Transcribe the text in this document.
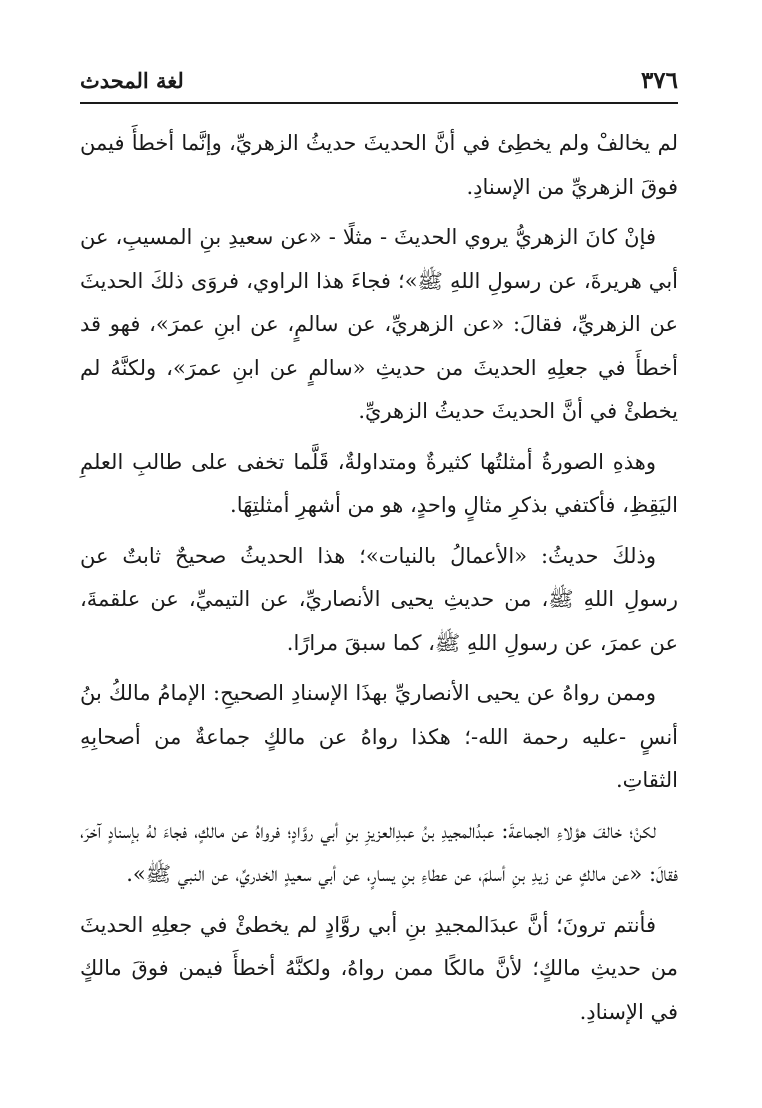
٣٧٦
لغة المحدث

لم يخالفْ ولم يخطِئ في أنَّ الحديثَ حديثُ الزهريِّ، وإنَّما أخطأَ فيمن فوقَ الزهريِّ من الإسنادِ.

فإنْ كانَ الزهريُّ يروي الحديثَ - مثلًا - «عن سعيدِ بنِ المسيبِ، عن أبي هريرةَ، عن رسولِ اللهِ ﷺ»؛ فجاءَ هذا الراوي، فروَى ذلكَ الحديثَ عن الزهريِّ، فقالَ: «عن الزهريِّ، عن سالمٍ، عن ابنِ عمرَ»، فهو قد أخطأَ في جعلِهِ الحديثَ من حديثِ «سالمٍ عن ابنِ عمرَ»، ولكنَّهُ لم يخطئْ في أنَّ الحديثَ حديثُ الزهريِّ.

وهذهِ الصورةُ أمثلتُها كثيرةٌ ومتداولةٌ، قَلَّما تخفى على طالبِ العلمِ اليَقِظِ، فأكتفي بذكرِ مثالٍ واحدٍ، هو من أشهرِ أمثلتِهَا.

وذلكَ حديثُ: «الأعمالُ بالنيات»؛ هذا الحديثُ صحيحٌ ثابتٌ عن رسولِ اللهِ ﷺ، من حديثِ يحيى الأنصاريِّ، عن التيميِّ، عن علقمةَ، عن عمرَ، عن رسولِ اللهِ ﷺ، كما سبقَ مرارًا.

وممن رواهُ عن يحيى الأنصاريِّ بهذَا الإسنادِ الصحيحِ: الإمامُ مالكُ بنُ أنسٍ -عليه رحمة الله-؛ هكذا رواهُ عن مالكٍ جماعةٌ من أصحابِهِ الثقاتِ.

لكنْ؛ خالفَ هؤلاءِ الجماعةَ: عبدُالمجيدِ بنُ عبدِالعزيزِ بنِ أبي روَّادٍ؛ فرواهُ عن مالكٍ، فجاءَ لهُ بإسنادٍ آخرَ، فقالَ: «عن مالكٍ عن زيدِ بنِ أسلمَ، عن عطاءِ بنِ يسارٍ، عن أبي سعيدٍ الخدريِّ، عن النبي ﷺ».

فأنتم ترونَ؛ أنَّ عبدَالمجيدِ بنِ أبي روَّادٍ لم يخطئْ في جعلِهِ الحديثَ من حديثِ مالكٍ؛ لأنَّ مالكًا ممن رواهُ، ولكنَّهُ أخطأَ فيمن فوقَ مالكٍ في الإسنادِ.
